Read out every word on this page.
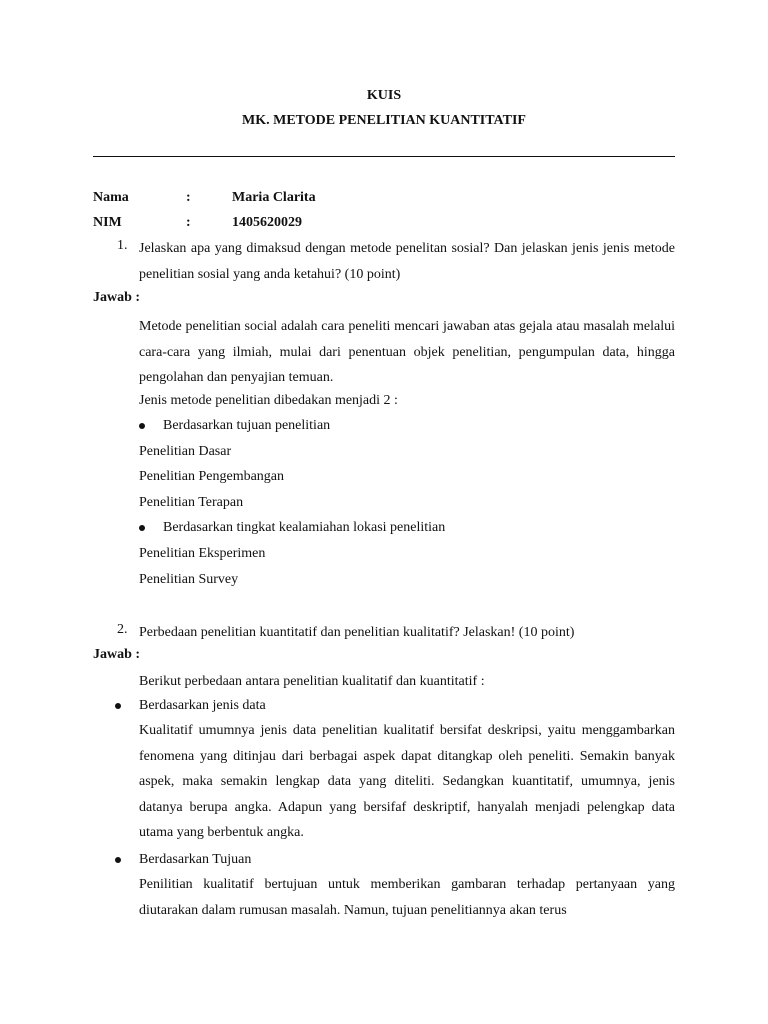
KUIS
MK. METODE PENELITIAN KUANTITATIF
Nama	:	Maria Clarita
NIM	:	1405620029
1. Jelaskan apa yang dimaksud dengan metode penelitan sosial? Dan jelaskan jenis jenis metode penelitian sosial yang anda ketahui? (10 point)
Jawab :
Metode penelitian social adalah cara peneliti mencari jawaban atas gejala atau masalah melalui cara-cara yang ilmiah, mulai dari penentuan objek penelitian, pengumpulan data, hingga pengolahan dan penyajian temuan.
Jenis metode penelitian dibedakan menjadi 2 :
Berdasarkan tujuan penelitian
Penelitian Dasar
Penelitian Pengembangan
Penelitian Terapan
Berdasarkan tingkat kealamiahan lokasi penelitian
Penelitian Eksperimen
Penelitian Survey
2. Perbedaan penelitian kuantitatif dan penelitian kualitatif? Jelaskan! (10 point)
Jawab :
Berikut perbedaan antara penelitian kualitatif dan kuantitatif :
Berdasarkan jenis data
Kualitatif umumnya jenis data penelitian kualitatif bersifat deskripsi, yaitu menggambarkan fenomena yang ditinjau dari berbagai aspek dapat ditangkap oleh peneliti. Semakin banyak aspek, maka semakin lengkap data yang diteliti. Sedangkan kuantitatif, umumnya, jenis datanya berupa angka. Adapun yang bersifaf deskriptif, hanyalah menjadi pelengkap data utama yang berbentuk angka.
Berdasarkan Tujuan
Penilitian kualitatif bertujuan untuk memberikan gambaran terhadap pertanyaan yang diutarakan dalam rumusan masalah. Namun, tujuan penelitiannya akan terus
